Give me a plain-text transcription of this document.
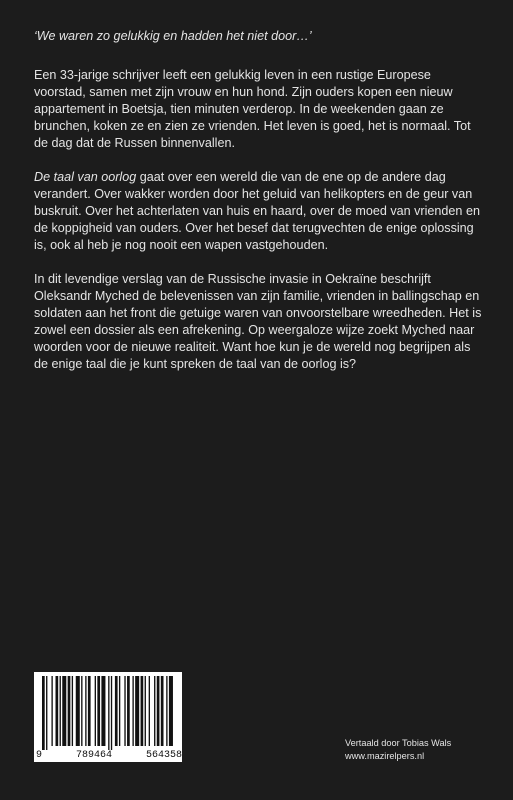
‘We waren zo gelukkig en hadden het niet door…’

Een 33-jarige schrijver leeft een gelukkig leven in een rustige Europese voorstad, samen met zijn vrouw en hun hond. Zijn ouders kopen een nieuw appartement in Boetsja, tien minuten verderop. In de weekenden gaan ze brunchen, koken ze en zien ze vrienden. Het leven is goed, het is normaal. Tot de dag dat de Russen binnenvallen.

De taal van oorlog gaat over een wereld die van de ene op de andere dag verandert. Over wakker worden door het geluid van helikopters en de geur van buskruit. Over het achterlaten van huis en haard, over de moed van vrienden en de koppigheid van ouders. Over het besef dat terugvechten de enige oplossing is, ook al heb je nog nooit een wapen vastgehouden.

In dit levendige verslag van de Russische invasie in Oekraïne beschrijft Oleksandr Myched de belevenissen van zijn familie, vrienden in ballingschap en soldaten aan het front die getuige waren van onvoorstelbare wreedheden. Het is zowel een dossier als een afrekening. Op weergaloze wijze zoekt Myched naar woorden voor de nieuwe realiteit. Want hoe kun je de wereld nog begrijpen als de enige taal die je kunt spreken de taal van de oorlog is?

9	789464	564358
Vertaald door Tobias Wals
www.mazirelpers.nl
